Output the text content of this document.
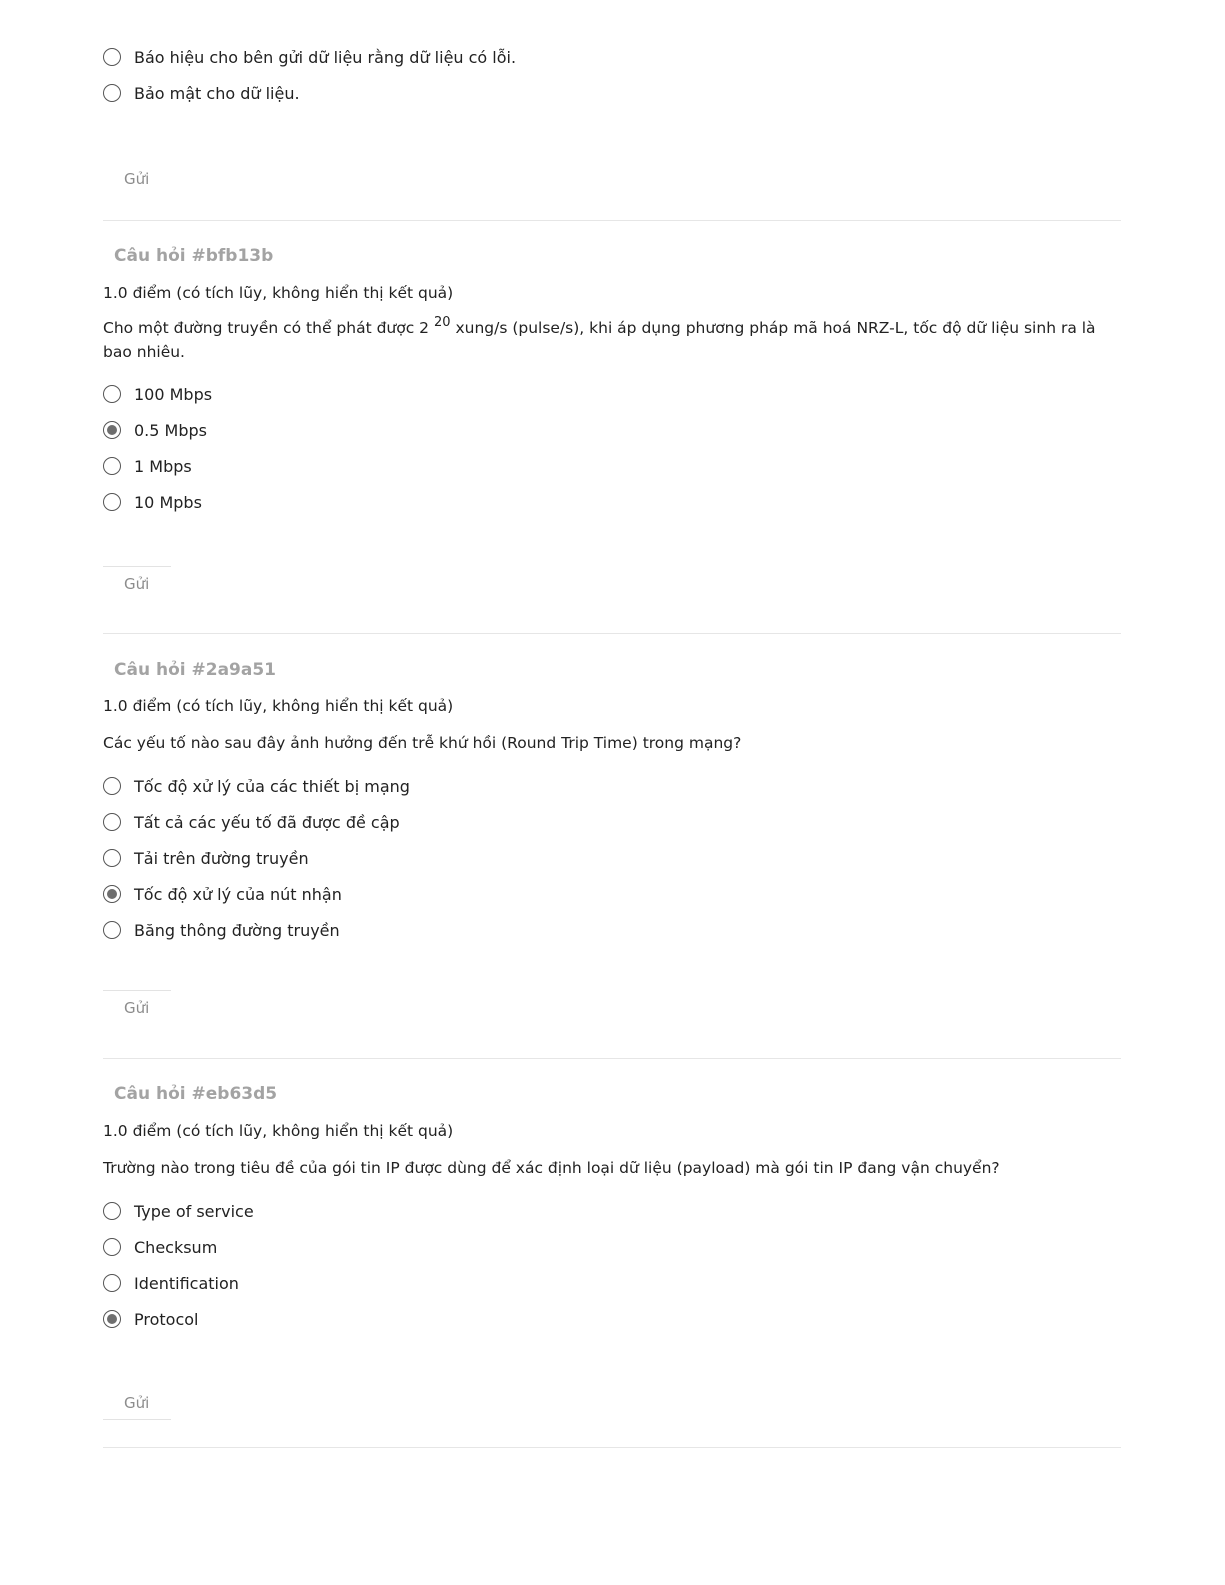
Báo hiệu cho bên gửi dữ liệu rằng dữ liệu có lỗi.
Bảo mật cho dữ liệu.
Gửi
Câu hỏi #bfb13b
1.0 điểm (có tích lũy, không hiển thị kết quả)
Cho một đường truyền có thể phát được 2 $^{20}$ xung/s (pulse/s), khi áp dụng phương pháp mã hoá NRZ-L, tốc độ dữ liệu sinh ra là bao nhiêu.
100 Mbps
0.5 Mbps
1 Mbps
10 Mpbs
Gửi
Câu hỏi #2a9a51
1.0 điểm (có tích lũy, không hiển thị kết quả)
Các yếu tố nào sau đây ảnh hưởng đến trễ khứ hồi (Round Trip Time) trong mạng?
Tốc độ xử lý của các thiết bị mạng
Tất cả các yếu tố đã được đề cập
Tải trên đường truyền
Tốc độ xử lý của nút nhận
Băng thông đường truyền
Gửi
Câu hỏi #eb63d5
1.0 điểm (có tích lũy, không hiển thị kết quả)
Trường nào trong tiêu đề của gói tin IP được dùng để xác định loại dữ liệu (payload) mà gói tin IP đang vận chuyển?
Type of service
Checksum
Identification
Protocol
Gửi
